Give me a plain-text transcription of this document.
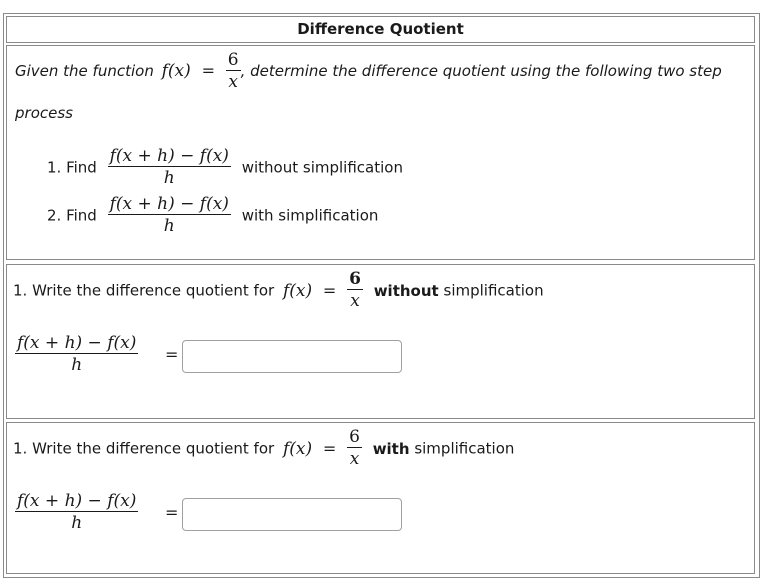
Difference Quotient
Given the function $f(x) = \frac{6}{x}$ , determine the difference quotient using the following two step
process
1. Find $\frac{f(x + h) - f(x)}{h}$ without simplification
2. Find $\frac{f(x + h) - f(x)}{h}$ with simplification
1. Write the difference quotient for $f(x) = \frac{6}{x}$ without simplification
$\frac{f(x + h) - f(x)}{h}$ =
1. Write the difference quotient for $f(x) = \frac{6}{x}$ with simplification
$\frac{f(x + h) - f(x)}{h}$ =
